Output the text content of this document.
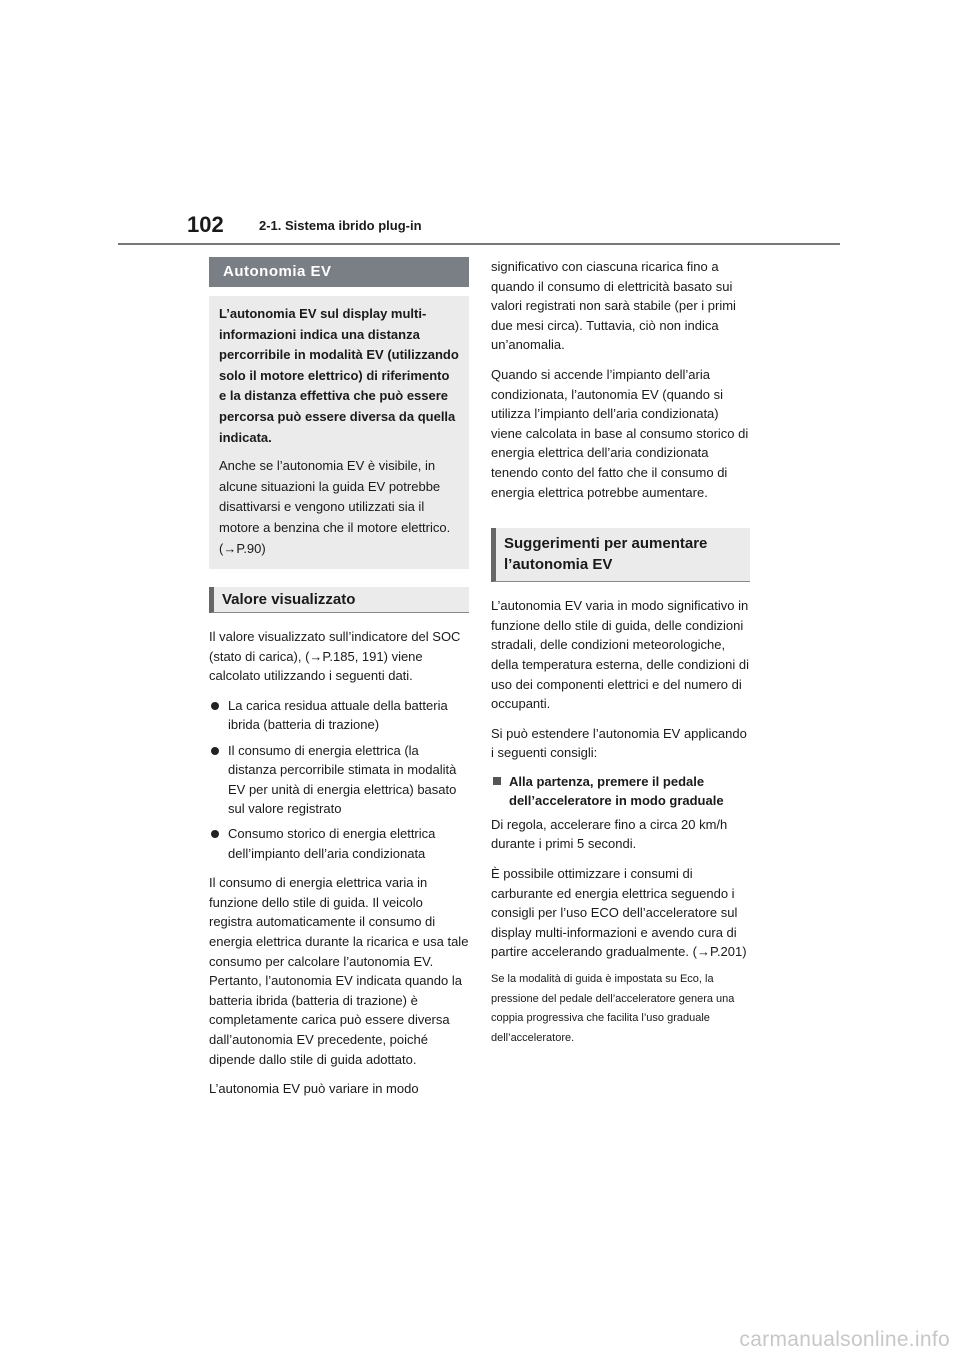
102	2-1. Sistema ibrido plug-in
Autonomia EV

L’autonomia EV sul display multi-informazioni indica una distanza percorribile in modalità EV (utilizzando solo il motore elettrico) di riferimento e la distanza effettiva che può essere percorsa può essere diversa da quella indicata.

Anche se l’autonomia EV è visibile, in alcune situazioni la guida EV potrebbe disattivarsi e vengono utilizzati sia il motore a benzina che il motore elettrico. (→P.90)

Valore visualizzato

Il valore visualizzato sull’indicatore del SOC (stato di carica), (→P.185, 191) viene calcolato utilizzando i seguenti dati.

La carica residua attuale della batteria ibrida (batteria di trazione)
Il consumo di energia elettrica (la distanza percorribile stimata in modalità EV per unità di energia elettrica) basato sul valore registrato
Consumo storico di energia elettrica dell’impianto dell’aria condizionata

Il consumo di energia elettrica varia in funzione dello stile di guida. Il veicolo registra automaticamente il consumo di energia elettrica durante la ricarica e usa tale consumo per calcolare l’autonomia EV. Pertanto, l’autonomia EV indicata quando la batteria ibrida (batteria di trazione) è completamente carica può essere diversa dall’autonomia EV precedente, poiché dipende dallo stile di guida adottato.

L’autonomia EV può variare in modo

significativo con ciascuna ricarica fino a quando il consumo di elettricità basato sui valori registrati non sarà stabile (per i primi due mesi circa). Tuttavia, ciò non indica un’anomalia.

Quando si accende l’impianto dell’aria condizionata, l’autonomia EV (quando si utilizza l’impianto dell’aria condizionata) viene calcolata in base al consumo storico di energia elettrica dell’aria condizionata tenendo conto del fatto che il consumo di energia elettrica potrebbe aumentare.

Suggerimenti per aumentare l’autonomia EV

L’autonomia EV varia in modo significativo in funzione dello stile di guida, delle condizioni stradali, delle condizioni meteorologiche, della temperatura esterna, delle condizioni di uso dei componenti elettrici e del numero di occupanti.

Si può estendere l’autonomia EV applicando i seguenti consigli:

Alla partenza, premere il pedale dell’acceleratore in modo graduale

Di regola, accelerare fino a circa 20 km/h durante i primi 5 secondi.

È possibile ottimizzare i consumi di carburante ed energia elettrica seguendo i consigli per l’uso ECO dell’acceleratore sul display multi-informazioni e avendo cura di partire accelerando gradualmente. (→P.201)

Se la modalità di guida è impostata su Eco, la pressione del pedale dell’acceleratore genera una coppia progressiva che facilita l’uso graduale dell’acceleratore.

carmanualsonline.info
